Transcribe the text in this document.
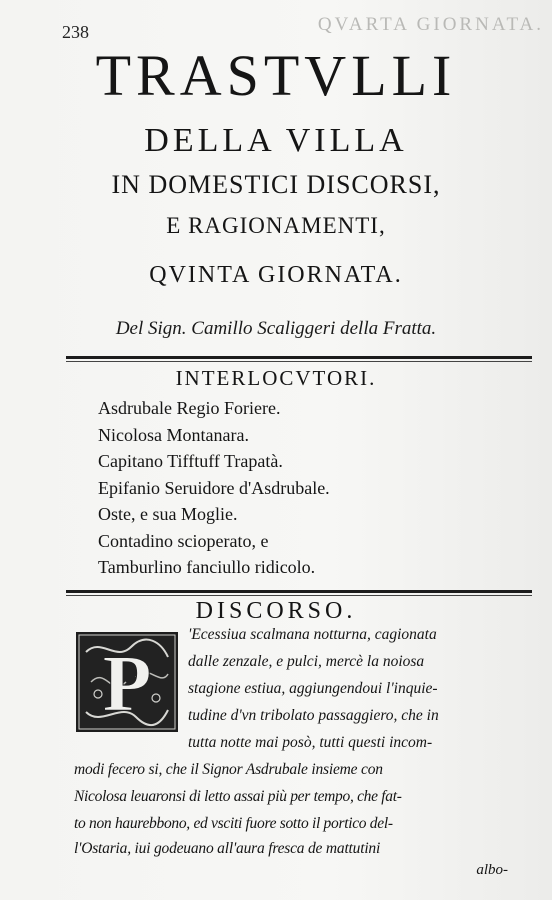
QVARTA GIORNATA.
238
TRASTVLLI
DELLA VILLA
IN DOMESTICI DISCORSI,
E RAGIONAMENTI,
QVINTA GIORNATA.
Del Sign. Camillo Scaliggeri della Fratta.
INTERLOCVTORI.
Asdrubale Regio Foriere.
Nicolosa Montanara.
Capitano Tifftuff Trapatà.
Epifanio Seruidore d'Asdrubale.
Oste, e sua Moglie.
Contadino scioperato, e
Tamburlino fanciullo ridicolo.
DISCORSO.
P
'Ecessiua scalmana notturna, cagionata
dalle zenzale, e pulci, mercè la noiosa
stagione estiua, aggiungendoui l'inquie-
tudine d'vn tribolato passaggiero, che in
tutta notte mai posò, tutti questi incom-
modi fecero si, che il Signor Asdrubale insieme con
Nicolosa leuaronsi di letto assai più per tempo, che fat-
to non haurebbono, ed vsciti fuore sotto il portico del-
l'Ostaria, iui godeuano all'aura fresca de mattutini
albo-
